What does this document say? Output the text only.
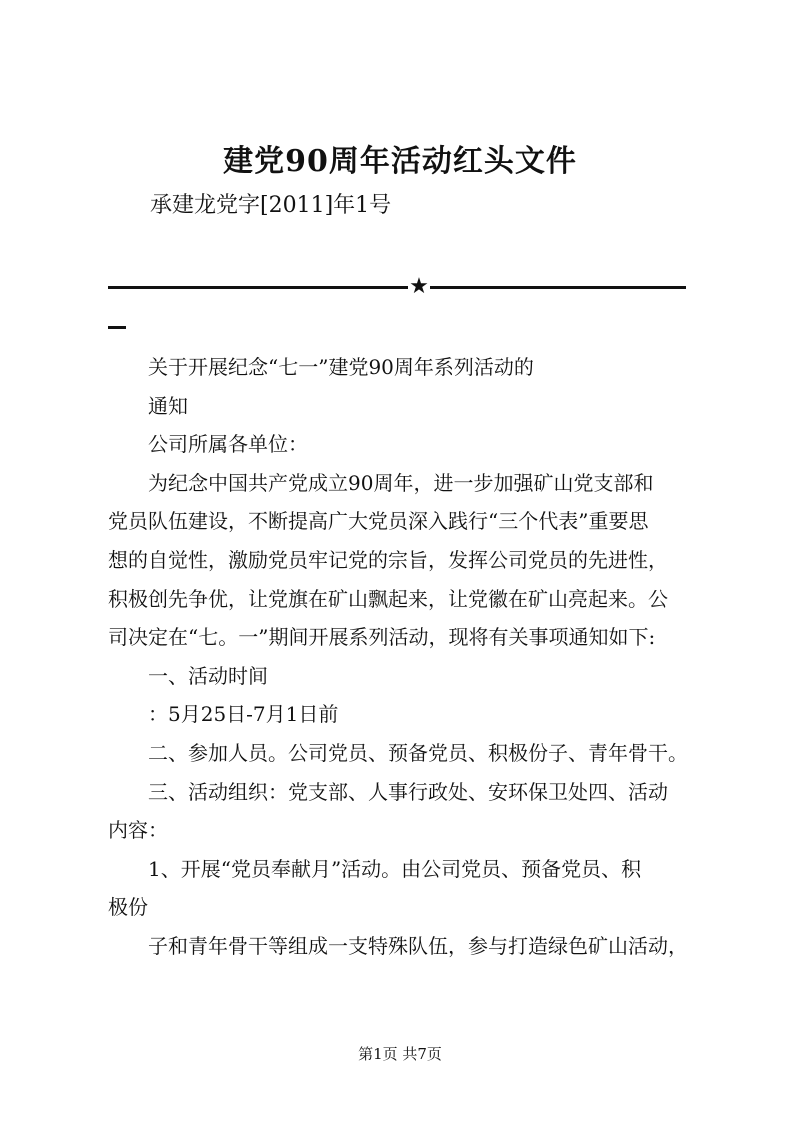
建党90周年活动红头文件
承建龙党字[2011]年1号
★
关于开展纪念“七一”建党90周年系列活动的
通知
公司所属各单位：
为纪念中国共产党成立90周年，进一步加强矿山党支部和
党员队伍建设，不断提高广大党员深入践行“三个代表”重要思
想的自觉性，激励党员牢记党的宗旨，发挥公司党员的先进性，
积极创先争优，让党旗在矿山飘起来，让党徽在矿山亮起来。公
司决定在“七。一”期间开展系列活动，现将有关事项通知如下:
一、活动时间
：5月25日-7月1日前
二、参加人员。公司党员、预备党员、积极份子、青年骨干。
三、活动组织：党支部、人事行政处、安环保卫处四、活动
内容：
1、开展“党员奉献月”活动。由公司党员、预备党员、积
极份
子和青年骨干等组成一支特殊队伍，参与打造绿色矿山活动，
第1页 共7页
